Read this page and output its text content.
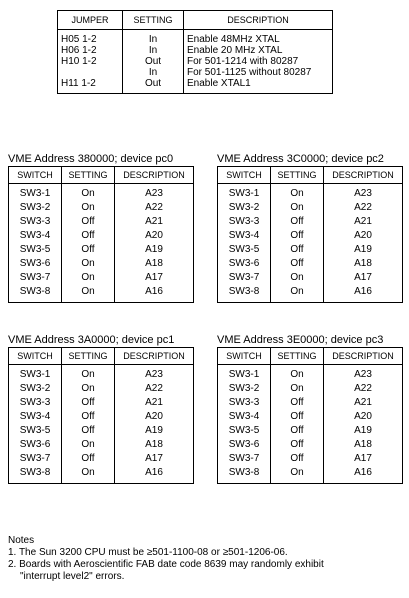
JUMPER	SETTING	DESCRIPTION
H05 1-2	In	Enable 48MHz XTAL
H06 1-2	In	Enable 20 MHz XTAL
H10 1-2	Out	For 501-1214 with 80287
	In	For 501-1125 without 80287
H11 1-2	Out	Enable XTAL1
VME Address 380000; device pc0
SWITCH	SETTING	DESCRIPTION
SW3-1	On	A23
SW3-2	On	A22
SW3-3	Off	A21
SW3-4	Off	A20
SW3-5	Off	A19
SW3-6	On	A18
SW3-7	On	A17
SW3-8	On	A16
VME Address 3C0000; device pc2
SWITCH	SETTING	DESCRIPTION
SW3-1	On	A23
SW3-2	On	A22
SW3-3	Off	A21
SW3-4	Off	A20
SW3-5	Off	A19
SW3-6	Off	A18
SW3-7	On	A17
SW3-8	On	A16
VME Address 3A0000; device pc1
SWITCH	SETTING	DESCRIPTION
SW3-1	On	A23
SW3-2	On	A22
SW3-3	Off	A21
SW3-4	Off	A20
SW3-5	Off	A19
SW3-6	On	A18
SW3-7	Off	A17
SW3-8	On	A16
VME Address 3E0000; device pc3
SWITCH	SETTING	DESCRIPTION
SW3-1	On	A23
SW3-2	On	A22
SW3-3	Off	A21
SW3-4	Off	A20
SW3-5	Off	A19
SW3-6	Off	A18
SW3-7	Off	A17
SW3-8	On	A16
Notes
1. The Sun 3200 CPU must be ≥501-1100-08 or ≥501-1206-06.
2. Boards with Aeroscientific FAB date code 8639 may randomly exhibit
"interrupt level2" errors.
